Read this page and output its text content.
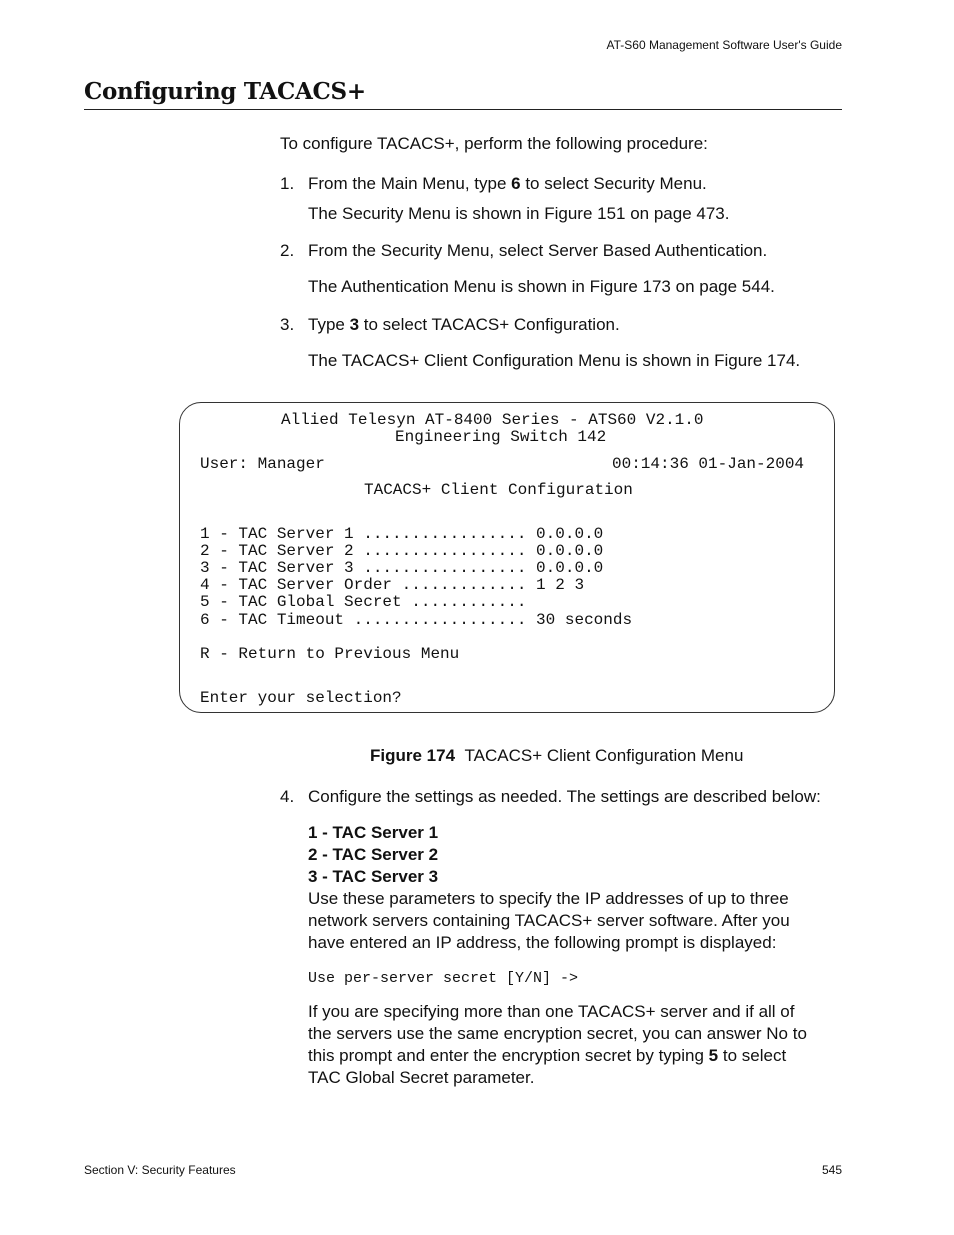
AT-S60 Management Software User's Guide
Configuring TACACS+
To configure TACACS+, perform the following procedure:
1. From the Main Menu, type 6 to select Security Menu.
The Security Menu is shown in Figure 151 on page 473.
2. From the Security Menu, select Server Based Authentication.
The Authentication Menu is shown in Figure 173 on page 544.
3. Type 3 to select TACACS+ Configuration.
The TACACS+ Client Configuration Menu is shown in Figure 174.
Allied Telesyn AT-8400 Series - ATS60 V2.1.0
Engineering Switch 142
User: Manager	00:14:36 01-Jan-2004
TACACS+ Client Configuration
1 - TAC Server 1 ................. 0.0.0.0
2 - TAC Server 2 ................. 0.0.0.0
3 - TAC Server 3 ................. 0.0.0.0
4 - TAC Server Order ............. 1 2 3
5 - TAC Global Secret ............
6 - TAC Timeout .................. 30 seconds
R - Return to Previous Menu
Enter your selection?
Figure 174 TACACS+ Client Configuration Menu
4. Configure the settings as needed. The settings are described below:
1 - TAC Server 1
2 - TAC Server 2
3 - TAC Server 3
Use these parameters to specify the IP addresses of up to three
network servers containing TACACS+ server software. After you
have entered an IP address, the following prompt is displayed:
Use per-server secret [Y/N] ->
If you are specifying more than one TACACS+ server and if all of
the servers use the same encryption secret, you can answer No to
this prompt and enter the encryption secret by typing 5 to select
TAC Global Secret parameter.
Section V: Security Features	545
